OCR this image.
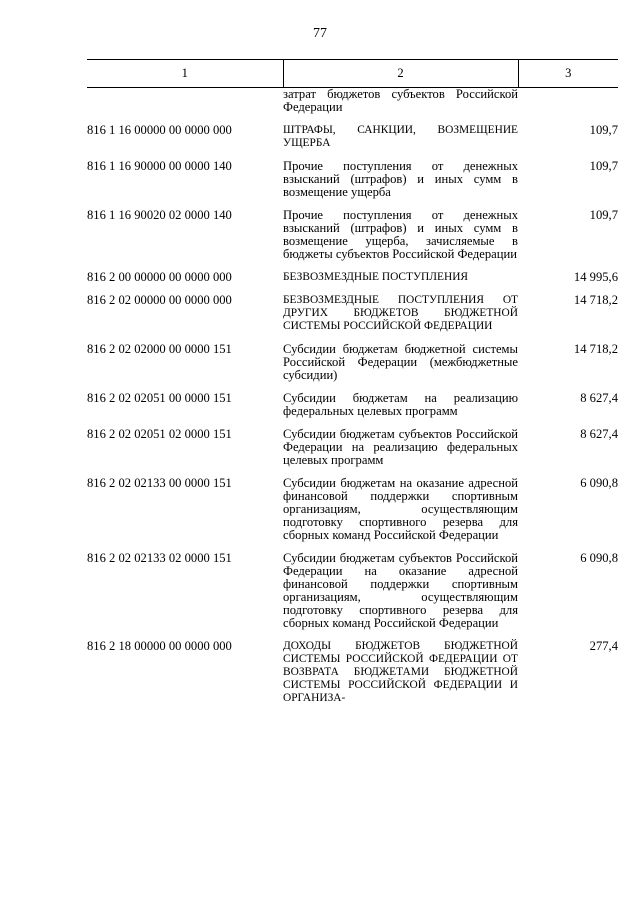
77
1	2	3
	затрат бюджетов субъектов Российской Федерации	

816 1 16 00000 00 0000 000	ШТРАФЫ, САНКЦИИ, ВОЗМЕЩЕНИЕ УЩЕРБА	109,7

816 1 16 90000 00 0000 140	Прочие поступления от денежных взысканий (штрафов) и иных сумм в возмещение ущерба	109,7

816 1 16 90020 02 0000 140	Прочие поступления от денежных взысканий (штрафов) и иных сумм в возмещение ущерба, зачисляемые в бюджеты субъектов Российской Федерации	109,7

816 2 00 00000 00 0000 000	БЕЗВОЗМЕЗДНЫЕ ПОСТУПЛЕНИЯ	14 995,6

816 2 02 00000 00 0000 000	БЕЗВОЗМЕЗДНЫЕ ПОСТУПЛЕНИЯ ОТ ДРУГИХ БЮДЖЕТОВ БЮДЖЕТНОЙ СИСТЕМЫ РОССИЙСКОЙ ФЕДЕРАЦИИ	14 718,2

816 2 02 02000 00 0000 151	Субсидии бюджетам бюджетной системы Российской Федерации (межбюджетные субсидии)	14 718,2

816 2 02 02051 00 0000 151	Субсидии бюджетам на реализацию федеральных целевых программ	8 627,4

816 2 02 02051 02 0000 151	Субсидии бюджетам субъектов Российской Федерации на реализацию федеральных целевых программ	8 627,4

816 2 02 02133 00 0000 151	Субсидии бюджетам на оказание адресной финансовой поддержки спортивным организациям, осуществляющим подготовку спортивного резерва для сборных команд Российской Федерации	6 090,8

816 2 02 02133 02 0000 151	Субсидии бюджетам субъектов Российской Федерации на оказание адресной финансовой поддержки спортивным организациям, осуществляющим подготовку спортивного резерва для сборных команд Российской Федерации	6 090,8

816 2 18 00000 00 0000 000	ДОХОДЫ БЮДЖЕТОВ БЮДЖЕТНОЙ СИСТЕМЫ РОССИЙСКОЙ ФЕДЕРАЦИИ ОТ ВОЗВРАТА БЮДЖЕТАМИ БЮДЖЕТНОЙ СИСТЕМЫ РОССИЙСКОЙ ФЕДЕРАЦИИ И ОРГАНИЗА-	277,4
